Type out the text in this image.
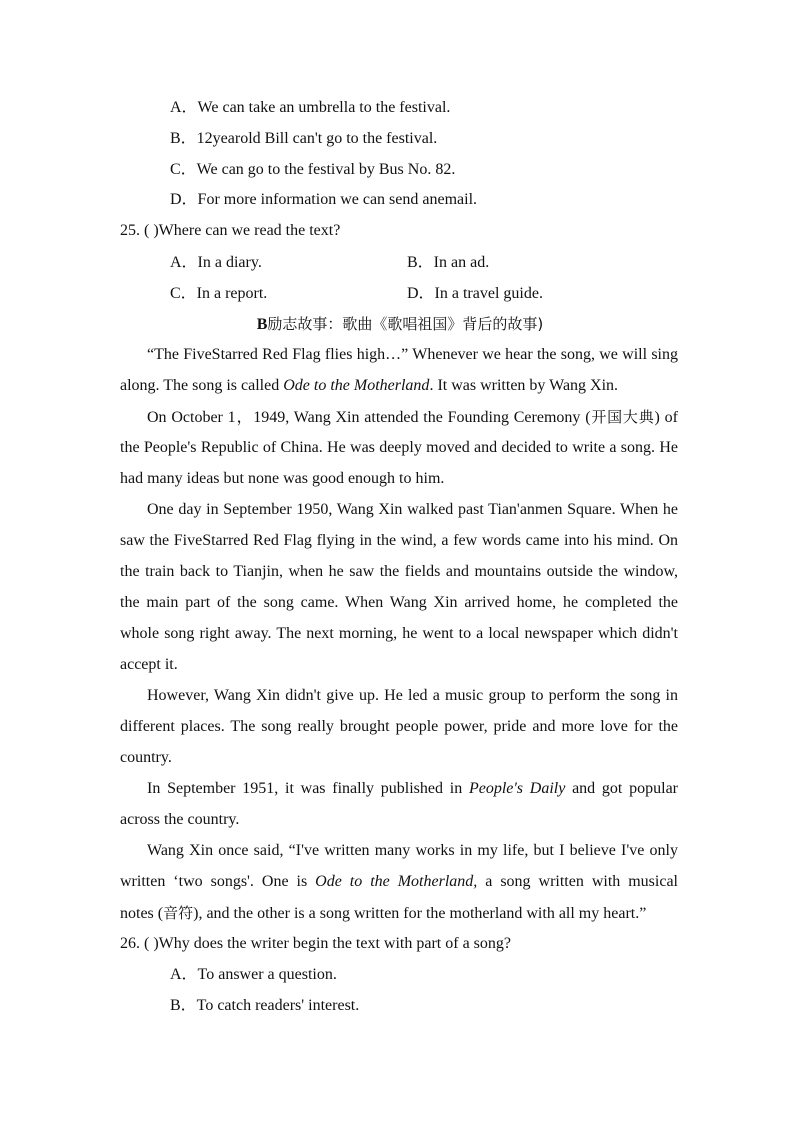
A．We can take an umbrella to the festival.
B．12yearold Bill can't go to the festival.
C．We can go to the festival by Bus No. 82.
D．For more information we can send anemail.
25. ( )Where can we read the text?
A．In a diary.	B．In an ad.
C．In a report.	D．In a travel guide.
B励志故事：歌曲《歌唱祖国》背后的故事)
“The FiveStarred Red Flag flies high…” Whenever we hear the song, we will sing
along. The song is called Ode to the Motherland. It was written by Wang Xin.
On October 1，1949, Wang Xin attended the Founding Ceremony (开国大典) of
the People's Republic of China. He was deeply moved and decided to write a song. He
had many ideas but none was good enough to him.
One day in September 1950, Wang Xin walked past Tian'anmen Square. When he
saw the FiveStarred Red Flag flying in the wind, a few words came into his mind. On
the train back to Tianjin, when he saw the fields and mountains outside the window,
the main part of the song came. When Wang Xin arrived home, he completed the
whole song right away. The next morning, he went to a local newspaper which didn't
accept it.
However, Wang Xin didn't give up. He led a music group to perform the song in
different places. The song really brought people power, pride and more love for the
country.
In September 1951, it was finally published in People's Daily and got popular
across the country.
Wang Xin once said, “I've written many works in my life, but I believe I've only
written ‘two songs'. One is Ode to the Motherland, a song written with musical
notes (音符), and the other is a song written for the motherland with all my heart.”
26. ( )Why does the writer begin the text with part of a song?
A．To answer a question.
B．To catch readers' interest.
